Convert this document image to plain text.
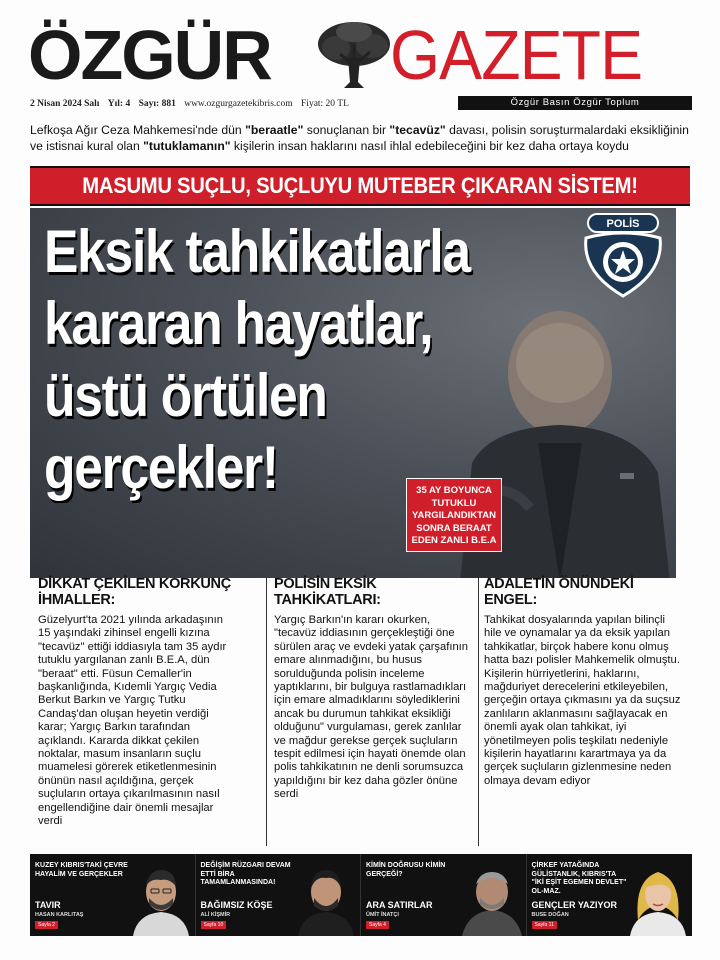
ÖZGÜR GAZETE
2 Nisan 2024 Salı Yıl: 4 Sayı: 881 www.ozgurgazetekibris.com Fiyat: 20 TL	Özgür Basın Özgür Toplum
Lefkoşa Ağır Ceza Mahkemesi'nde dün "beraatle" sonuçlanan bir "tecavüz" davası, polisin soruşturmalardaki eksikliğinin ve istisnai kural olan "tutuklamanın" kişilerin insan haklarını nasıl ihlal edebileceğini bir kez daha ortaya koydu
MASUMU SUÇLU, SUÇLUYU MUTEBER ÇIKARAN SİSTEM!
POLİS
Eksik tahkikatlarla
kararan hayatlar,
üstü örtülen
gerçekler!	35 AY BOYUNCA
TUTUKLU
YARGILANDIKTAN
SONRA BERAAT
EDEN ZANLI B.E.A
DİKKAT ÇEKİLEN KORKUNÇ İHMALLER:

Güzelyurt'ta 2021 yılında arkadaşının 15 yaşındaki zihinsel engelli kızına "tecavüz" ettiği iddiasıyla tam 35 aydır tutuklu yargılanan zanlı B.E.A, dün "beraat" etti. Füsun Cemaller'in başkanlığında, Kıdemli Yargıç Vedia Berkut Barkın ve Yargıç Tutku Candaş'dan oluşan heyetin verdiği karar; Yargıç Barkın tarafından açıklandı. Kararda dikkat çekilen noktalar, masum insanların suçlu muamelesi görerek etiketlenmesinin önünün nasıl açıldığına, gerçek suçluların ortaya çıkarılmasının nasıl engellendiğine dair önemli mesajlar verdi

POLİSİN EKSİK TAHKİKATLARI:

Yargıç Barkın'ın kararı okurken, "tecavüz iddiasının gerçekleştiği öne sürülen araç ve evdeki yatak çarşafının emare alınmadığını, bu husus sorulduğunda polisin inceleme yaptıklarını, bir bulguya rastlamadıkları için emare almadıklarını söylediklerini ancak bu durumun tahkikat eksikliği olduğunu" vurgulaması, gerek zanlılar ve mağdur gerekse gerçek suçluların tespit edilmesi için hayati önemde olan polis tahkikatının ne denli sorumsuzca yapıldığını bir kez daha gözler önüne serdi

ADALETİN ÖNÜNDEKİ ENGEL:

Tahkikat dosyalarında yapılan bilinçli hile ve oynamalar ya da eksik yapılan tahkikatlar, birçok habere konu olmuş hatta bazı polisler Mahkemelik olmuştu. Kişilerin hürriyetlerini, haklarını, mağduriyet derecelerini etkileyebilen, gerçeğin ortaya çıkmasını ya da suçsuz zanlıların aklanmasını sağlayacak en önemli ayak olan tahkikat, iyi yönetilmeyen polis teşkilatı nedeniyle kişilerin hayatlarını karartmaya ya da gerçek suçluların gizlenmesine neden olmaya devam ediyor

KUZEY KIBRIS'TAKİ ÇEVRE HAYALİM VE GERÇEKLER
TAVIR
HASAN KARLITAŞ
Sayfa 2
DEĞİŞİM RÜZGARI DEVAM ETTİ BİRA TAMAMLANMASINDA!
BAĞIMSIZ KÖŞE
ALİ KİŞMİR
Sayfa 10
KİMİN DOĞRUSU KİMİN GERÇEĞİ?
ARA SATIRLAR
ÜMİT İNATÇI
Sayfa 4
ÇİRKEF YATAĞINDA GÜLİSTANLIK, KIBRIS'TA "İKİ EŞİT EGEMEN DEVLET" OL-MAZ.
GENÇLER YAZIYOR
BUSE DOĞAN
Sayfa 11
